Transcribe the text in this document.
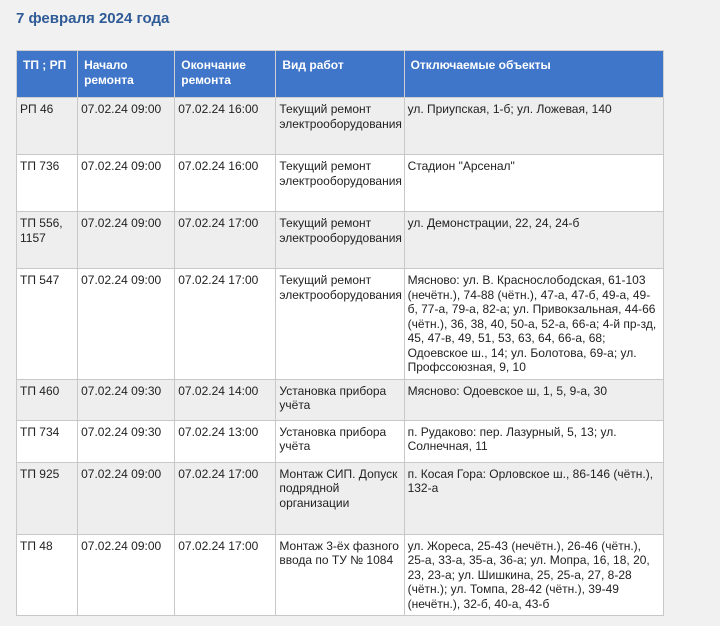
7 февраля 2024 года
ТП ; РП	Начало ремонта	Окончание ремонта	Вид работ	Отключаемые объекты
РП 46	07.02.24 09:00	07.02.24 16:00	Текущий ремонт электрооборудования	ул. Приупская, 1-б; ул. Ложевая, 140
ТП 736	07.02.24 09:00	07.02.24 16:00	Текущий ремонт электрооборудования	Стадион "Арсенал"
ТП 556, 1157	07.02.24 09:00	07.02.24 17:00	Текущий ремонт электрооборудования	ул. Демонстрации, 22, 24, 24-б
ТП 547	07.02.24 09:00	07.02.24 17:00	Текущий ремонт электрооборудования	Мясново: ул. В. Краснослободская, 61-103 (нечётн.), 74-88 (чётн.), 47-а, 47-б, 49-а, 49-б, 77-а, 79-а, 82-а; ул. Привокзальная, 44-66 (чётн.), 36, 38, 40, 50-а, 52-а, 66-а; 4-й пр-зд, 45, 47-в, 49, 51, 53, 63, 64, 66-а, 68; Одоевское ш., 14; ул. Болотова, 69-а; ул. Профссоюзная, 9, 10
ТП 460	07.02.24 09:30	07.02.24 14:00	Установка прибора учёта	Мясново: Одоевское ш, 1, 5, 9-а, 30
ТП 734	07.02.24 09:30	07.02.24 13:00	Установка прибора учёта	п. Рудаково: пер. Лазурный, 5, 13; ул. Солнечная, 11
ТП 925	07.02.24 09:00	07.02.24 17:00	Монтаж СИП. Допуск подрядной организации	п. Косая Гора: Орловское ш., 86-146 (чётн.), 132-а
ТП 48	07.02.24 09:00	07.02.24 17:00	Монтаж 3-ёх фазного ввода по ТУ № 1084	ул. Жореса, 25-43 (нечётн.), 26-46 (чётн.), 25-а, 33-а, 35-а, 36-а; ул. Мопра, 16, 18, 20, 23, 23-а; ул. Шишкина, 25, 25-а, 27, 8-28 (чётн.); ул. Томпа, 28-42 (чётн.), 39-49 (нечётн.), 32-б, 40-а, 43-б
